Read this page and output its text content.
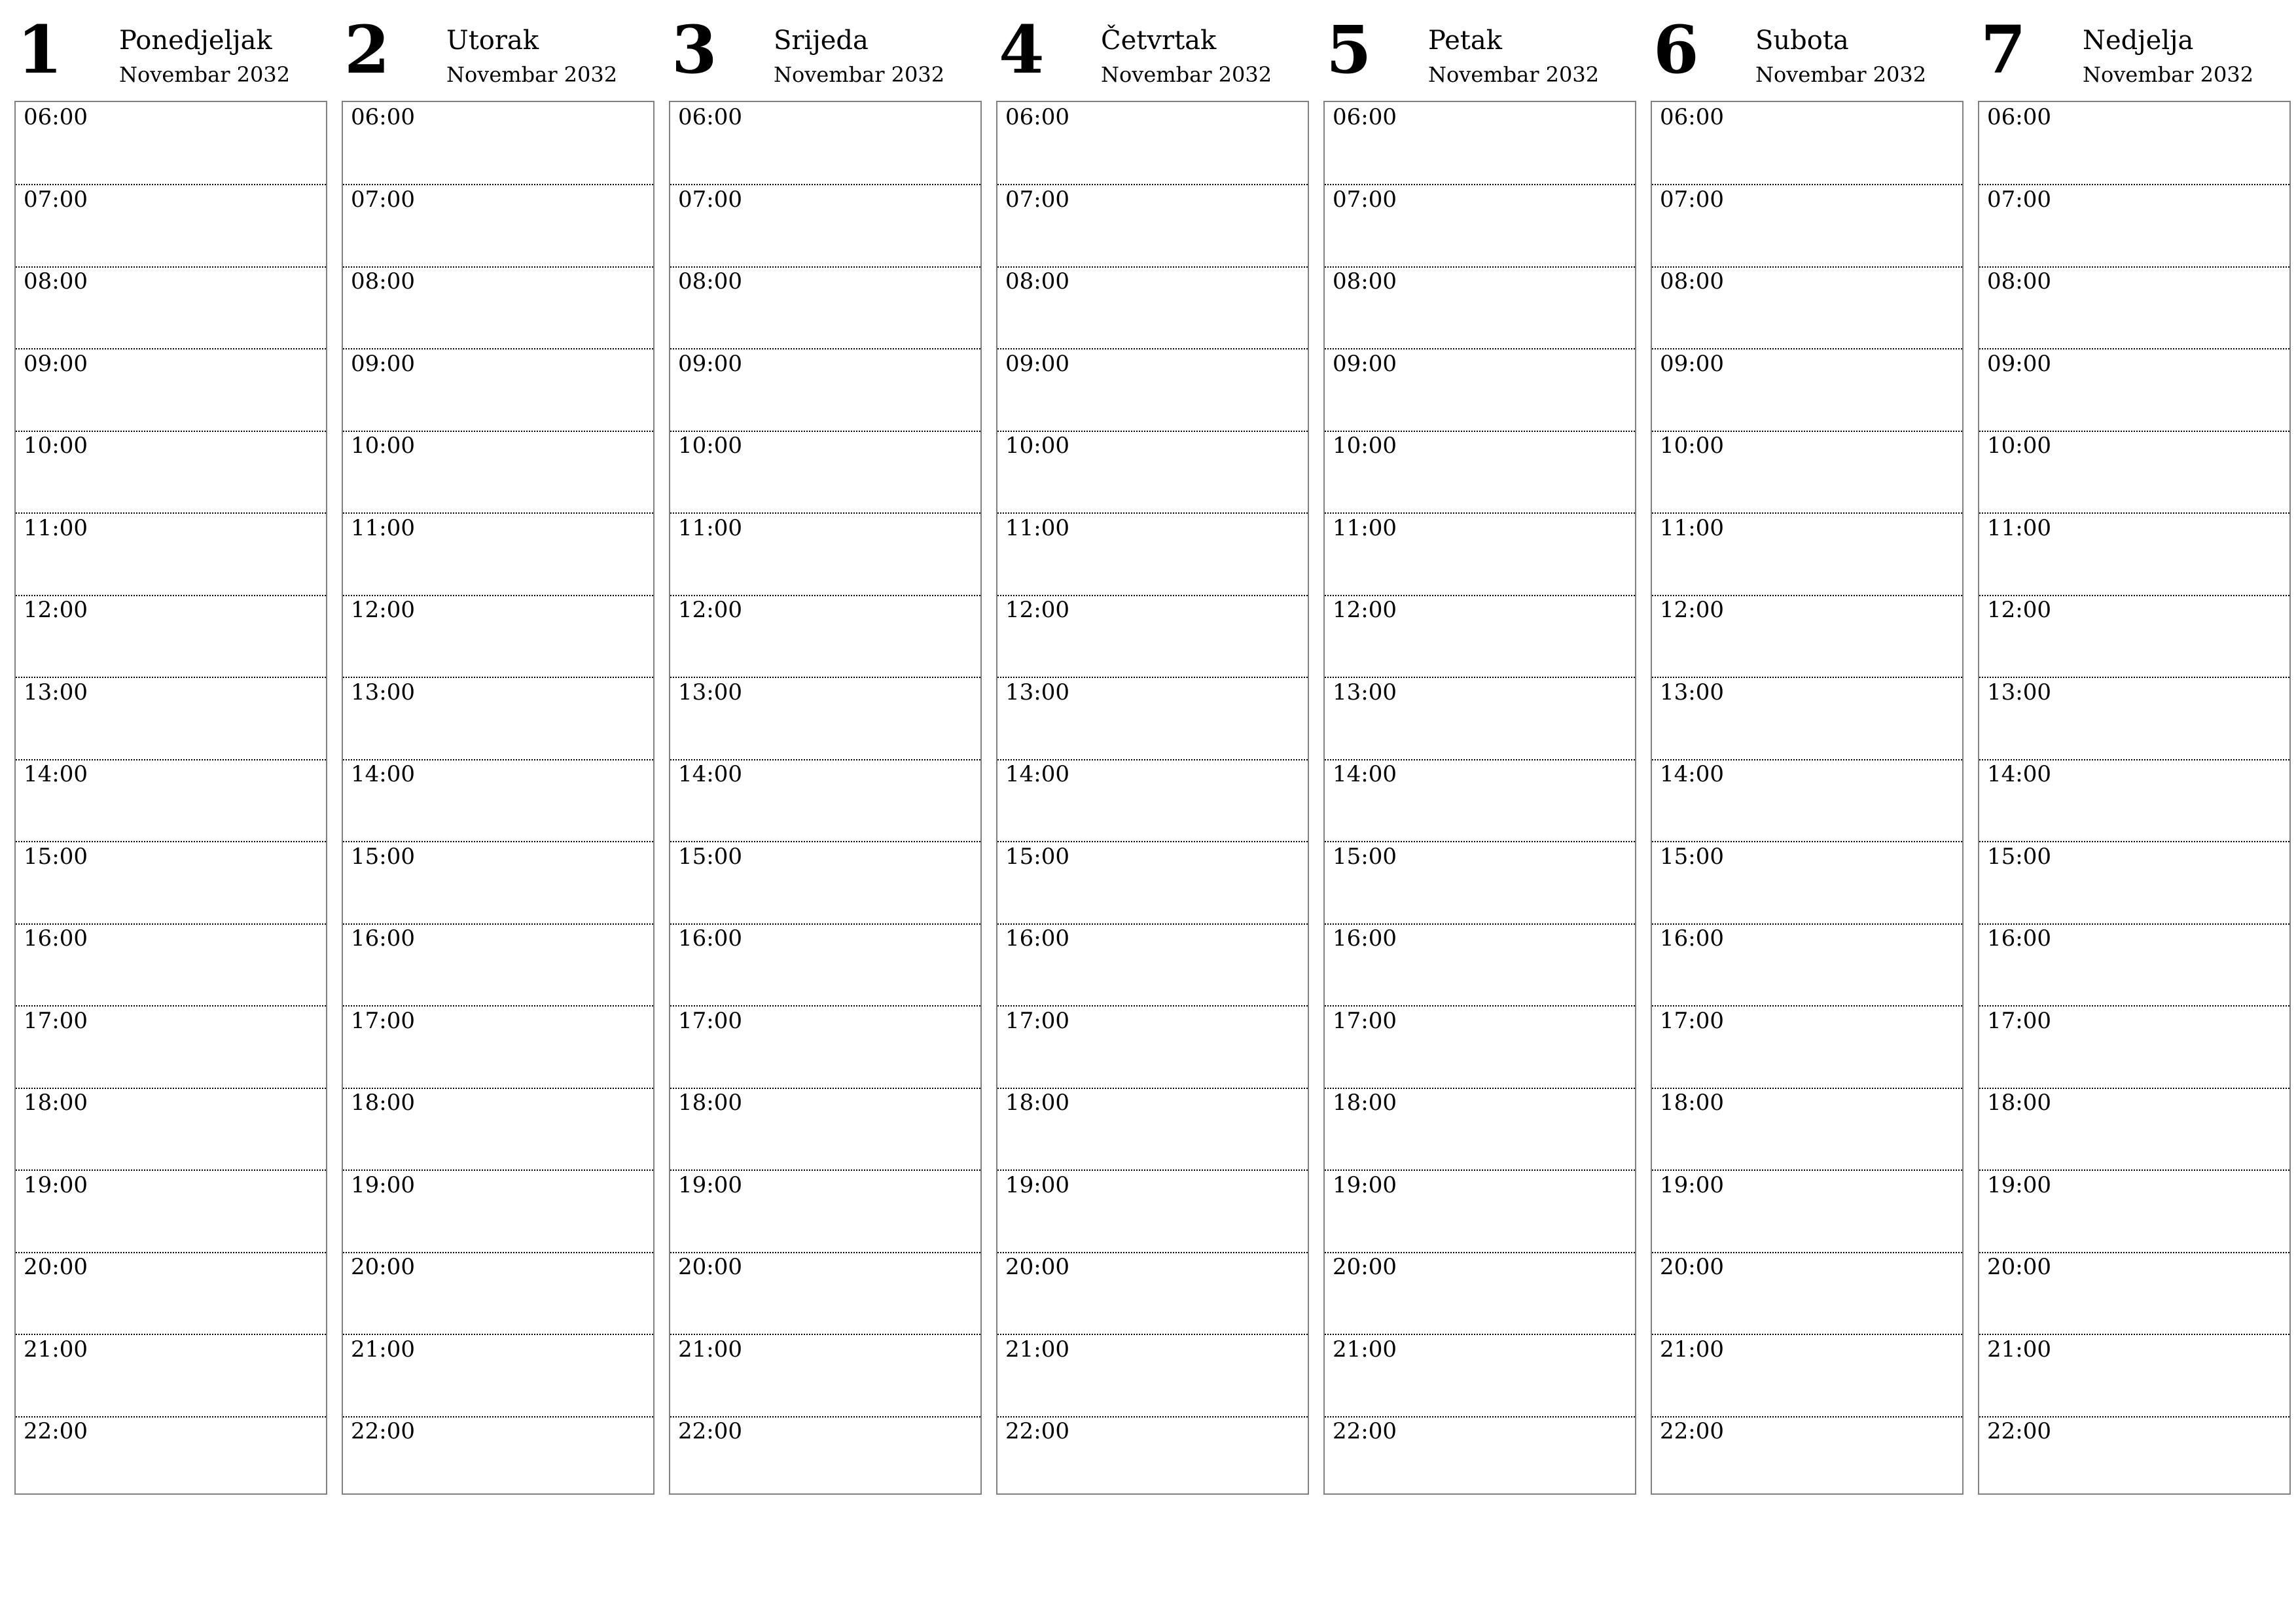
1 Ponedjeljak
Novembar 2032
06:00
07:00
08:00
09:00
10:00
11:00
12:00
13:00
14:00
15:00
16:00
17:00
18:00
19:00
20:00
21:00
22:00
2 Utorak
Novembar 2032
06:00
07:00
08:00
09:00
10:00
11:00
12:00
13:00
14:00
15:00
16:00
17:00
18:00
19:00
20:00
21:00
22:00
3 Srijeda
Novembar 2032
06:00
07:00
08:00
09:00
10:00
11:00
12:00
13:00
14:00
15:00
16:00
17:00
18:00
19:00
20:00
21:00
22:00
4 Četvrtak
Novembar 2032
06:00
07:00
08:00
09:00
10:00
11:00
12:00
13:00
14:00
15:00
16:00
17:00
18:00
19:00
20:00
21:00
22:00
5 Petak
Novembar 2032
06:00
07:00
08:00
09:00
10:00
11:00
12:00
13:00
14:00
15:00
16:00
17:00
18:00
19:00
20:00
21:00
22:00
6 Subota
Novembar 2032
06:00
07:00
08:00
09:00
10:00
11:00
12:00
13:00
14:00
15:00
16:00
17:00
18:00
19:00
20:00
21:00
22:00
7 Nedjelja
Novembar 2032
06:00
07:00
08:00
09:00
10:00
11:00
12:00
13:00
14:00
15:00
16:00
17:00
18:00
19:00
20:00
21:00
22:00
